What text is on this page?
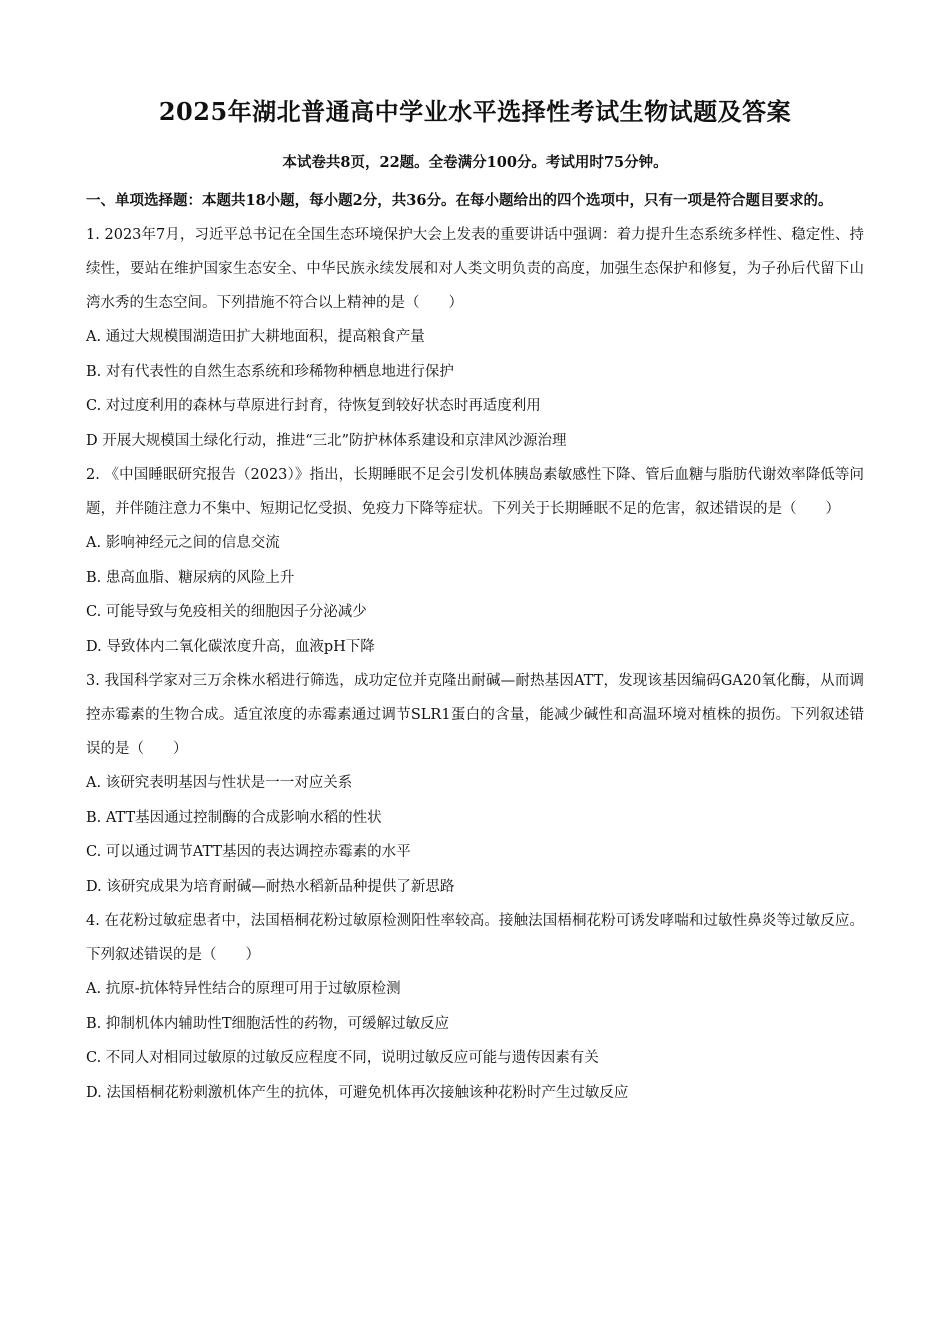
2025年湖北普通高中学业水平选择性考试生物试题及答案

本试卷共8页，22题。全卷满分100分。考试用时75分钟。

一、单项选择题：本题共18小题，每小题2分，共36分。在每小题给出的四个选项中，只有一项是符合题目要求的。

1. 2023年7月，习近平总书记在全国生态环境保护大会上发表的重要讲话中强调：着力提升生态系统多样性、稳定性、持续性，要站在维护国家生态安全、中华民族永续发展和对人类文明负责的高度，加强生态保护和修复，为子孙后代留下山湾水秀的生态空间。下列措施不符合以上精神的是（　　）

A. 通过大规模围湖造田扩大耕地面积，提高粮食产量

B. 对有代表性的自然生态系统和珍稀物种栖息地进行保护

C. 对过度利用的森林与草原进行封育，待恢复到较好状态时再适度利用

D 开展大规模国土绿化行动，推进“三北”防护林体系建设和京津风沙源治理

2. 《中国睡眠研究报告（2023）》指出，长期睡眠不足会引发机体胰岛素敏感性下降、管后血糖与脂肪代谢效率降低等问题，并伴随注意力不集中、短期记忆受损、免疫力下降等症状。下列关于长期睡眠不足的危害，叙述错误的是（　　）

A. 影响神经元之间的信息交流

B. 患高血脂、糖尿病的风险上升

C. 可能导致与免疫相关的细胞因子分泌减少

D. 导致体内二氧化碳浓度升高，血液pH下降

3. 我国科学家对三万余株水稻进行筛选，成功定位并克隆出耐碱—耐热基因ATT，发现该基因编码GA20氧化酶，从而调控赤霉素的生物合成。适宜浓度的赤霉素通过调节SLR1蛋白的含量，能减少碱性和高温环境对植株的损伤。下列叙述错误的是（　　）

A. 该研究表明基因与性状是一一对应关系

B. ATT基因通过控制酶的合成影响水稻的性状

C. 可以通过调节ATT基因的表达调控赤霉素的水平

D. 该研究成果为培育耐碱—耐热水稻新品种提供了新思路

4. 在花粉过敏症患者中，法国梧桐花粉过敏原检测阳性率较高。接触法国梧桐花粉可诱发哮喘和过敏性鼻炎等过敏反应。下列叙述错误的是（　　）

A. 抗原-抗体特异性结合的原理可用于过敏原检测

B. 抑制机体内辅助性T细胞活性的药物，可缓解过敏反应

C. 不同人对相同过敏原的过敏反应程度不同，说明过敏反应可能与遗传因素有关

D. 法国梧桐花粉刺激机体产生的抗体，可避免机体再次接触该种花粉时产生过敏反应
